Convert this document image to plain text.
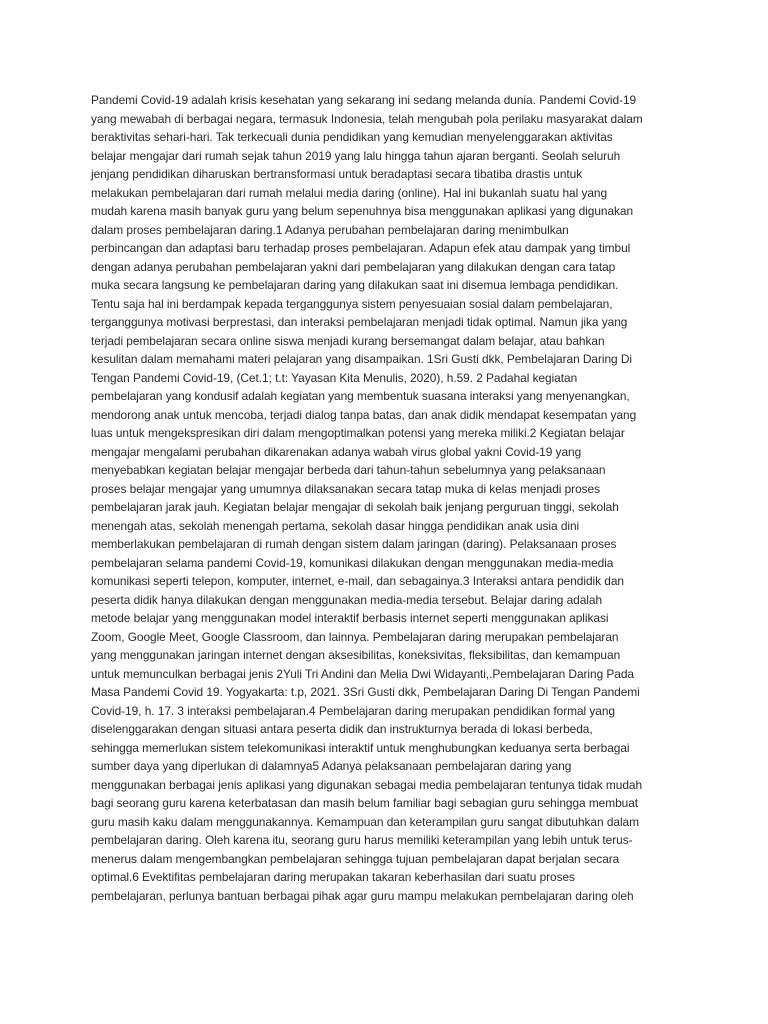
Pandemi Covid-19 adalah krisis kesehatan yang sekarang ini sedang melanda dunia. Pandemi Covid-19
yang mewabah di berbagai negara, termasuk Indonesia, telah mengubah pola perilaku masyarakat dalam
beraktivitas sehari-hari. Tak terkecuali dunia pendidikan yang kemudian menyelenggarakan aktivitas
belajar mengajar dari rumah sejak tahun 2019 yang lalu hingga tahun ajaran berganti. Seolah seluruh
jenjang pendidikan diharuskan bertransformasi untuk beradaptasi secara tibatiba drastis untuk
melakukan pembelajaran dari rumah melalui media daring (online). Hal ini bukanlah suatu hal yang
mudah karena masih banyak guru yang belum sepenuhnya bisa menggunakan aplikasi yang digunakan
dalam proses pembelajaran daring.1 Adanya perubahan pembelajaran daring menimbulkan
perbincangan dan adaptasi baru terhadap proses pembelajaran. Adapun efek atau dampak yang timbul
dengan adanya perubahan pembelajaran yakni dari pembelajaran yang dilakukan dengan cara tatap
muka secara langsung ke pembelajaran daring yang dilakukan saat ini disemua lembaga pendidikan.
Tentu saja hal ini berdampak kepada terganggunya sistem penyesuaian sosial dalam pembelajaran,
terganggunya motivasi berprestasi, dan interaksi pembelajaran menjadi tidak optimal. Namun jika yang
terjadi pembelajaran secara online siswa menjadi kurang bersemangat dalam belajar, atau bahkan
kesulitan dalam memahami materi pelajaran yang disampaikan. 1Sri Gusti dkk, Pembelajaran Daring Di
Tengan Pandemi Covid-19, (Cet.1; t.t: Yayasan Kita Menulis, 2020), h.59. 2 Padahal kegiatan
pembelajaran yang kondusif adalah kegiatan yang membentuk suasana interaksi yang menyenangkan,
mendorong anak untuk mencoba, terjadi dialog tanpa batas, dan anak didik mendapat kesempatan yang
luas untuk mengekspresikan diri dalam mengoptimalkan potensi yang mereka miliki.2 Kegiatan belajar
mengajar mengalami perubahan dikarenakan adanya wabah virus global yakni Covid-19 yang
menyebabkan kegiatan belajar mengajar berbeda dari tahun-tahun sebelumnya yang pelaksanaan
proses belajar mengajar yang umumnya dilaksanakan secara tatap muka di kelas menjadi proses
pembelajaran jarak jauh. Kegiatan belajar mengajar di sekolah baik jenjang perguruan tinggi, sekolah
menengah atas, sekolah menengah pertama, sekolah dasar hingga pendidikan anak usia dini
memberlakukan pembelajaran di rumah dengan sistem dalam jaringan (daring). Pelaksanaan proses
pembelajaran selama pandemi Covid-19, komunikasi dilakukan dengan menggunakan media-media
komunikasi seperti telepon, komputer, internet, e-mail, dan sebagainya.3 Interaksi antara pendidik dan
peserta didik hanya dilakukan dengan menggunakan media-media tersebut. Belajar daring adalah
metode belajar yang menggunakan model interaktif berbasis internet seperti menggunakan aplikasi
Zoom, Google Meet, Google Classroom, dan lainnya. Pembelajaran daring merupakan pembelajaran
yang menggunakan jaringan internet dengan aksesibilitas, koneksivitas, fleksibilitas, dan kemampuan
untuk memunculkan berbagai jenis 2Yuli Tri Andini dan Melia Dwi Widayanti,.Pembelajaran Daring Pada
Masa Pandemi Covid 19. Yogyakarta: t.p, 2021. 3Sri Gusti dkk, Pembelajaran Daring Di Tengan Pandemi
Covid-19, h. 17. 3 interaksi pembelajaran.4 Pembelajaran daring merupakan pendidikan formal yang
diselenggarakan dengan situasi antara peserta didik dan instrukturnya berada di lokasi berbeda,
sehingga memerlukan sistem telekomunikasi interaktif untuk menghubungkan keduanya serta berbagai
sumber daya yang diperlukan di dalamnya5 Adanya pelaksanaan pembelajaran daring yang
menggunakan berbagai jenis aplikasi yang digunakan sebagai media pembelajaran tentunya tidak mudah
bagi seorang guru karena keterbatasan dan masih belum familiar bagi sebagian guru sehingga membuat
guru masih kaku dalam menggunakannya. Kemampuan dan keterampilan guru sangat dibutuhkan dalam
pembelajaran daring. Oleh karena itu, seorang guru harus memiliki keterampilan yang lebih untuk terus-
menerus dalam mengembangkan pembelajaran sehingga tujuan pembelajaran dapat berjalan secara
optimal.6 Evektifitas pembelajaran daring merupakan takaran keberhasilan dari suatu proses
pembelajaran, perlunya bantuan berbagai pihak agar guru mampu melakukan pembelajaran daring oleh
